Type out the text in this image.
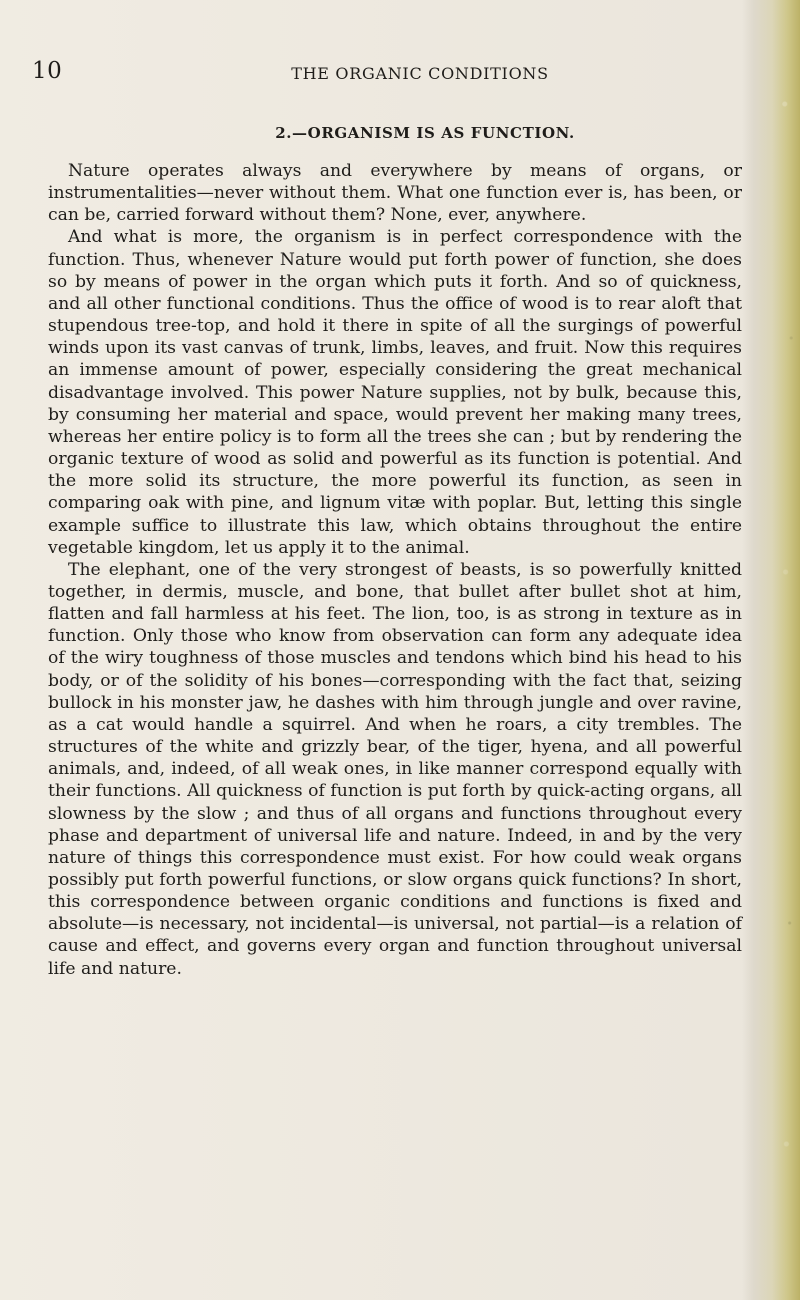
10	THE ORGANIC CONDITIONS
2.—ORGANISM IS AS FUNCTION.

Nature operates always and everywhere by means of organs, or instrumentalities—never without them. What one function ever is, has been, or can be, carried forward without them? None, ever, anywhere.

And what is more, the organism is in perfect correspondence with the function. Thus, whenever Nature would put forth power of function, she does so by means of power in the organ which puts it forth. And so of quickness, and all other functional conditions. Thus the office of wood is to rear aloft that stupendous tree-top, and hold it there in spite of all the surgings of powerful winds upon its vast canvas of trunk, limbs, leaves, and fruit. Now this requires an immense amount of power, especially considering the great mechanical disadvantage involved. This power Nature supplies, not by bulk, because this, by consuming her material and space, would prevent her making many trees, whereas her entire policy is to form all the trees she can ; but by rendering the organic texture of wood as solid and powerful as its function is potential. And the more solid its structure, the more powerful its function, as seen in comparing oak with pine, and lignum vitæ with poplar. But, letting this single example suffice to illustrate this law, which obtains throughout the entire vegetable kingdom, let us apply it to the animal.

The elephant, one of the very strongest of beasts, is so powerfully knitted together, in dermis, muscle, and bone, that bullet after bullet shot at him, flatten and fall harmless at his feet. The lion, too, is as strong in texture as in function. Only those who know from observation can form any adequate idea of the wiry toughness of those muscles and tendons which bind his head to his body, or of the solidity of his bones—corresponding with the fact that, seizing bullock in his monster jaw, he dashes with him through jungle and over ravine, as a cat would handle a squirrel. And when he roars, a city trembles. The structures of the white and grizzly bear, of the tiger, hyena, and all powerful animals, and, indeed, of all weak ones, in like manner correspond equally with their functions. All quickness of function is put forth by quick-acting organs, all slowness by the slow ; and thus of all organs and functions throughout every phase and department of universal life and nature. Indeed, in and by the very nature of things this correspondence must exist. For how could weak organs possibly put forth powerful functions, or slow organs quick functions? In short, this correspondence between organic conditions and functions is fixed and absolute—is necessary, not incidental—is universal, not partial—is a relation of cause and effect, and governs every organ and function throughout universal life and nature.
